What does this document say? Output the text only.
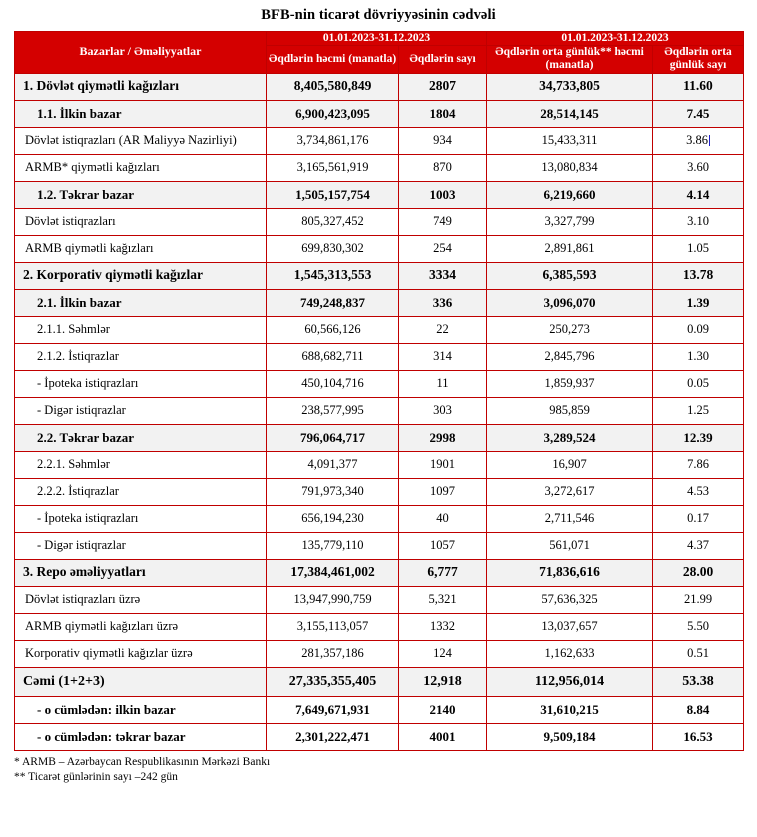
BFB-nin ticarət dövriyyəsinin cədvəli
Bazarlar / Əməliyyatlar	01.01.2023-31.12.2023		01.01.2023-31.12.2023	
	Əqdlərin həcmi (manatla)	Əqdlərin sayı	Əqdlərin orta günlük** həcmi (manatla)	Əqdlərin orta günlük sayı
1. Dövlət qiymətli kağızları	8,405,580,849	2807	34,733,805	11.60
1.1. İlkin bazar	6,900,423,095	1804	28,514,145	7.45
Dövlət istiqrazları (AR Maliyyə Nazirliyi)	3,734,861,176	934	15,433,311	3.86
ARMB* qiymətli kağızları	3,165,561,919	870	13,080,834	3.60
1.2. Təkrar bazar	1,505,157,754	1003	6,219,660	4.14
Dövlət istiqrazları	805,327,452	749	3,327,799	3.10
ARMB qiymətli kağızları	699,830,302	254	2,891,861	1.05
2. Korporativ qiymətli kağızlar	1,545,313,553	3334	6,385,593	13.78
2.1. İlkin bazar	749,248,837	336	3,096,070	1.39
2.1.1. Səhmlər	60,566,126	22	250,273	0.09
2.1.2. İstiqrazlar	688,682,711	314	2,845,796	1.30
- İpoteka istiqrazları	450,104,716	11	1,859,937	0.05
- Digər istiqrazlar	238,577,995	303	985,859	1.25
2.2. Təkrar bazar	796,064,717	2998	3,289,524	12.39
2.2.1. Səhmlər	4,091,377	1901	16,907	7.86
2.2.2. İstiqrazlar	791,973,340	1097	3,272,617	4.53
- İpoteka istiqrazları	656,194,230	40	2,711,546	0.17
- Digər istiqrazlar	135,779,110	1057	561,071	4.37
3. Repo əməliyyatları	17,384,461,002	6,777	71,836,616	28.00
Dövlət istiqrazları üzrə	13,947,990,759	5,321	57,636,325	21.99
ARMB qiymətli kağızları üzrə	3,155,113,057	1332	13,037,657	5.50
Korporativ qiymətli kağızlar üzrə	281,357,186	124	1,162,633	0.51
Cəmi (1+2+3)	27,335,355,405	12,918	112,956,014	53.38
- o cümlədən: ilkin bazar	7,649,671,931	2140	31,610,215	8.84
- o cümlədən: təkrar bazar	2,301,222,471	4001	9,509,184	16.53
* ARMB – Azərbaycan Respublikasının Mərkəzi Bankı
** Ticarət günlərinin sayı –242 gün
